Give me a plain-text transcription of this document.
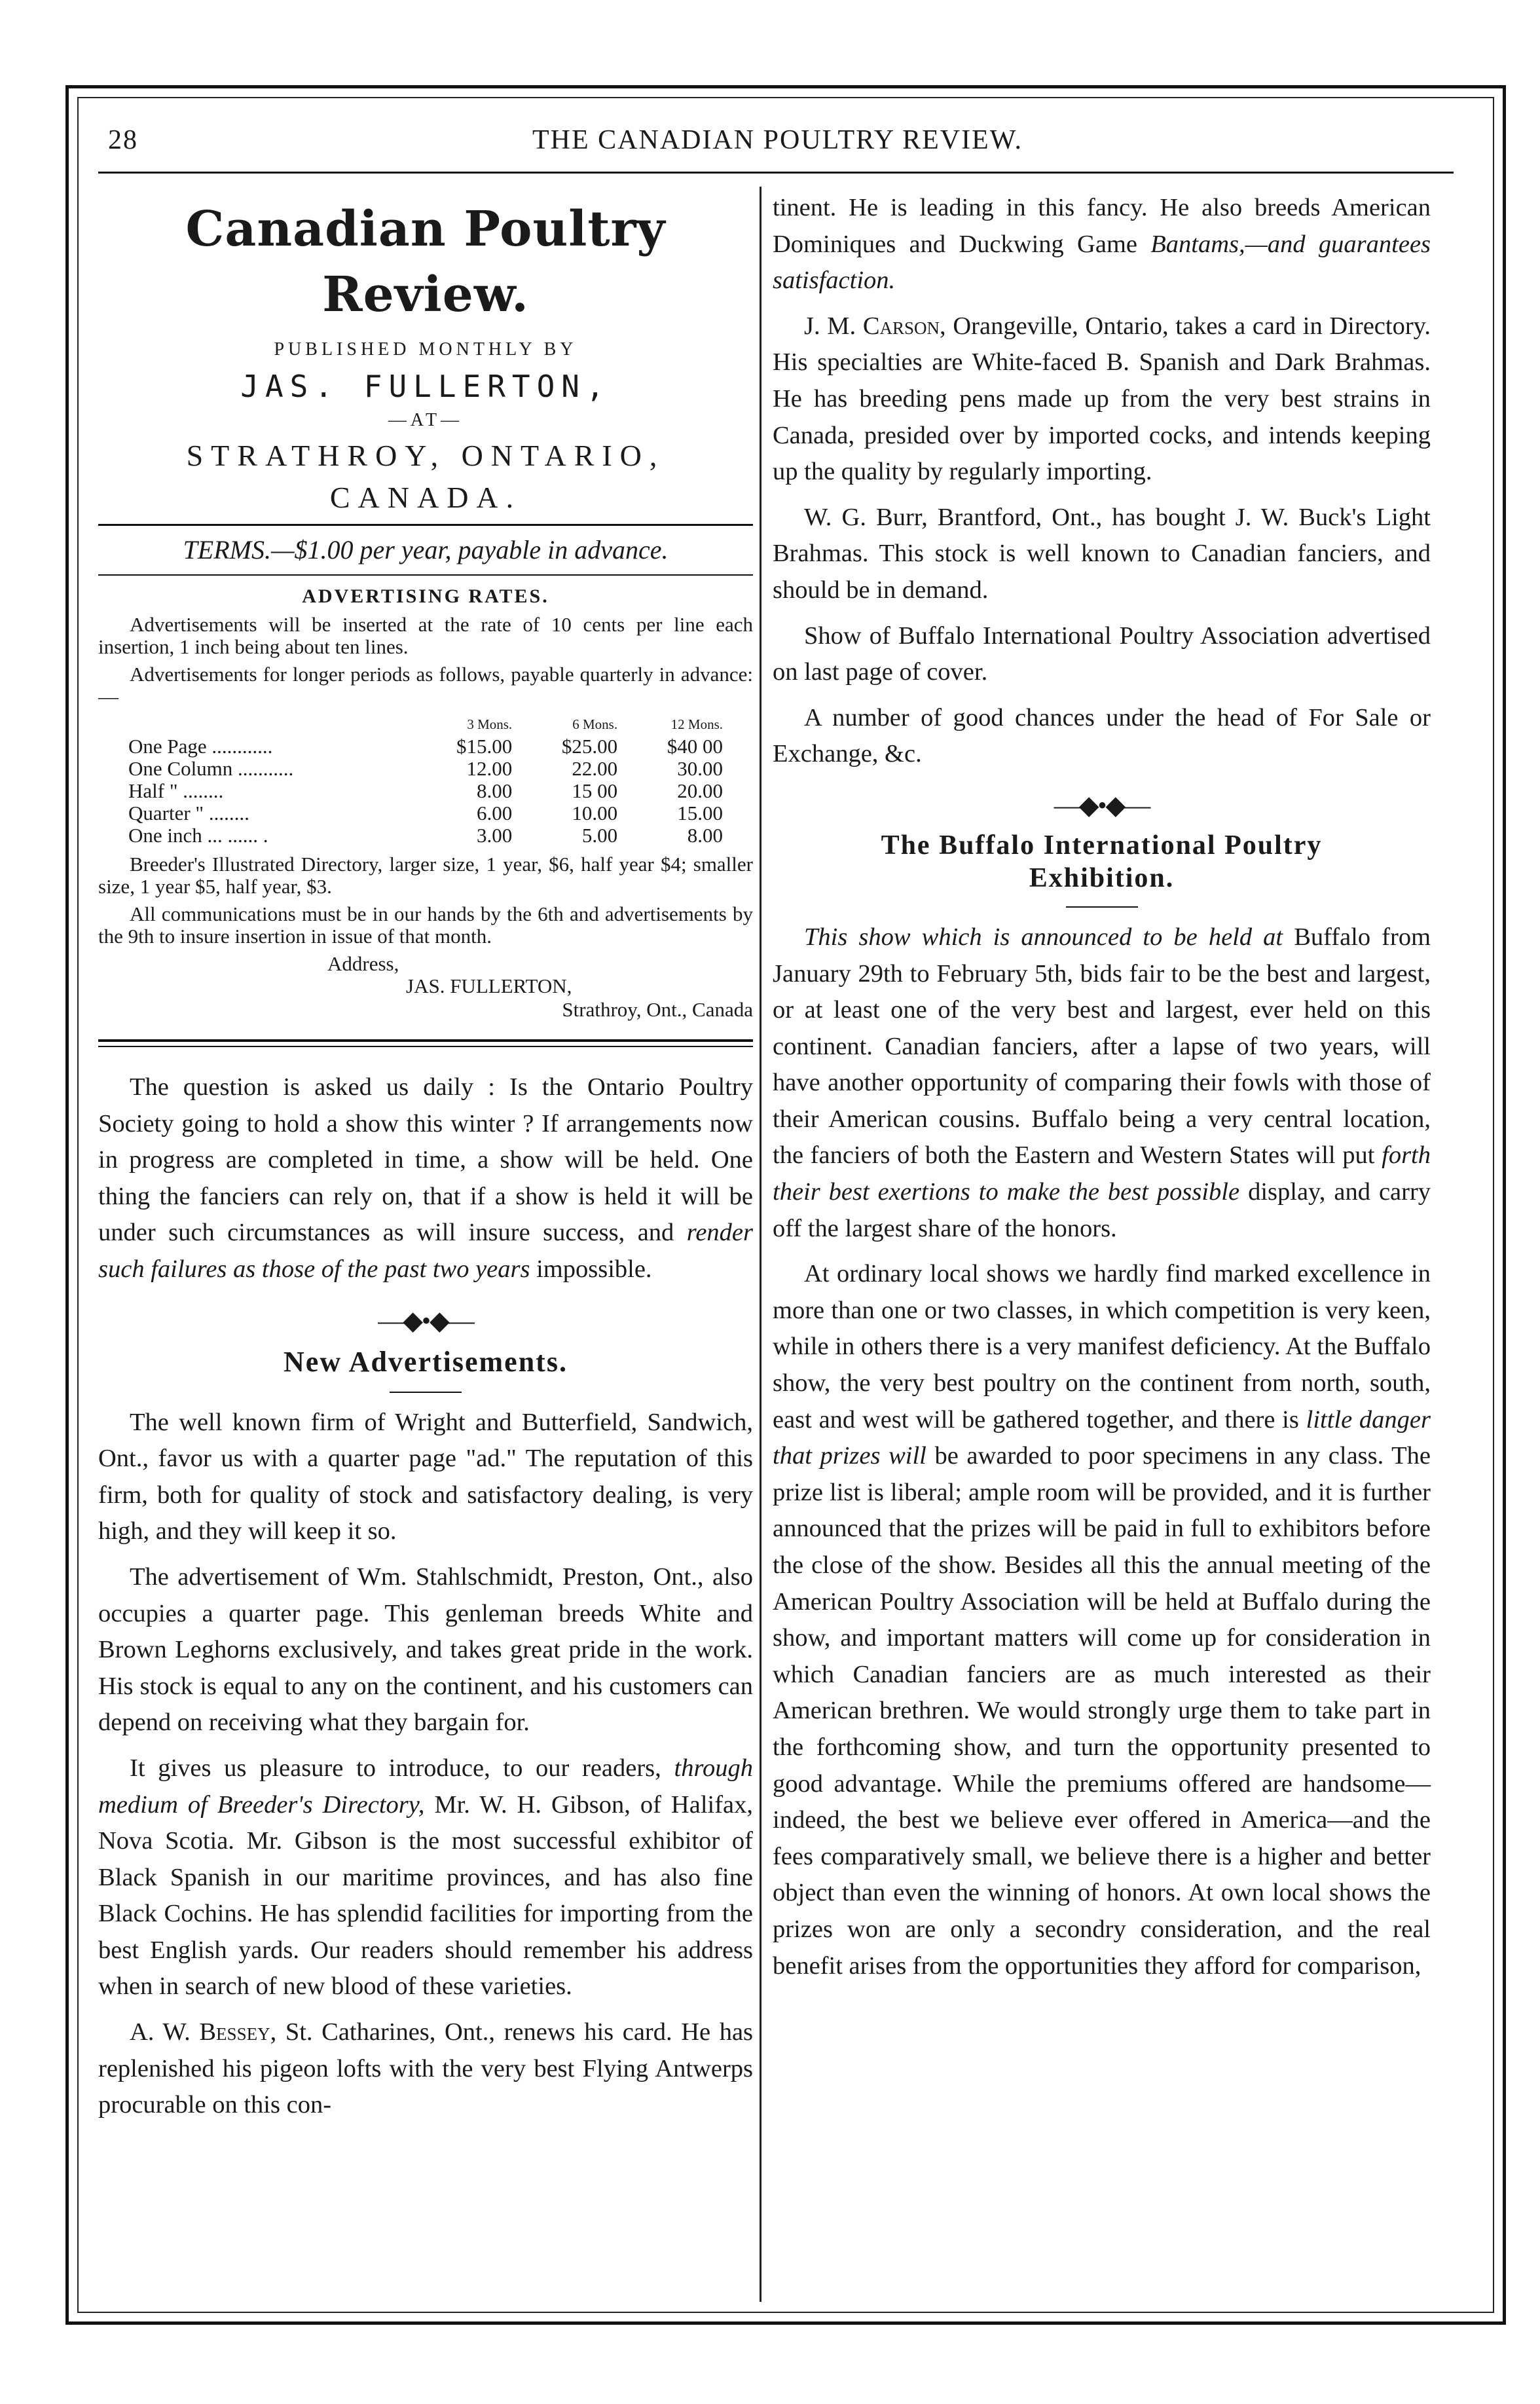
28	THE CANADIAN POULTRY REVIEW.
Canadian Poultry Review.
PUBLISHED MONTHLY BY
JAS. FULLERTON,
—AT—
STRATHROY, ONTARIO, CANADA.
TERMS.—$1.00 per year, payable in advance.
ADVERTISING RATES.
Advertisements will be inserted at the rate of 10 cents per line each insertion, 1 inch being about ten lines.
Advertisements for longer periods as follows, payable quarterly in advance:—
	3 Mons.	6 Mons.	12 Mons.
One Page ............	$15.00	$25.00	$40 00
One Column ...........	12.00	22.00	30.00
Half " ........	8.00	15 00	20.00
Quarter " ........	6.00	10.00	15.00
One inch ... ...... .	3.00	5.00	8.00
Breeder's Illustrated Directory, larger size, 1 year, $6, half year $4; smaller size, 1 year $5, half year, $3.
All communications must be in our hands by the 6th and advertisements by the 9th to insure insertion in issue of that month.
Address,
JAS. FULLERTON,
Strathroy, Ont., Canada

The question is asked us daily : Is the Ontario Poultry Society going to hold a show this winter ? If arrangements now in progress are completed in time, a show will be held. One thing the fanciers can rely on, that if a show is held it will be under such circumstances as will insure success, and render such failures as those of the past two years impossible.

—◆•◆—
New Advertisements.

The well known firm of Wright and Butterfield, Sandwich, Ont., favor us with a quarter page "ad." The reputation of this firm, both for quality of stock and satisfactory dealing, is very high, and they will keep it so.

The advertisement of Wm. Stahlschmidt, Preston, Ont., also occupies a quarter page. This genleman breeds White and Brown Leghorns exclusively, and takes great pride in the work. His stock is equal to any on the continent, and his customers can depend on receiving what they bargain for.

It gives us pleasure to introduce, to our readers, through medium of Breeder's Directory, Mr. W. H. Gibson, of Halifax, Nova Scotia. Mr. Gibson is the most successful exhibitor of Black Spanish in our maritime provinces, and has also fine Black Cochins. He has splendid facilities for importing from the best English yards. Our readers should remember his address when in search of new blood of these varieties.

A. W. Bessey, St. Catharines, Ont., renews his card. He has replenished his pigeon lofts with the very best Flying Antwerps procurable on this con-

tinent. He is leading in this fancy. He also breeds American Dominiques and Duckwing Game Bantams,—and guarantees satisfaction.

J. M. Carson, Orangeville, Ontario, takes a card in Directory. His specialties are White-faced B. Spanish and Dark Brahmas. He has breeding pens made up from the very best strains in Canada, presided over by imported cocks, and intends keeping up the quality by regularly importing.

W. G. Burr, Brantford, Ont., has bought J. W. Buck's Light Brahmas. This stock is well known to Canadian fanciers, and should be in demand.

Show of Buffalo International Poultry Association advertised on last page of cover.

A number of good chances under the head of For Sale or Exchange, &c.

—◆•◆—
The Buffalo International Poultry
Exhibition.

This show which is announced to be held at Buffalo from January 29th to February 5th, bids fair to be the best and largest, or at least one of the very best and largest, ever held on this continent. Canadian fanciers, after a lapse of two years, will have another opportunity of comparing their fowls with those of their American cousins. Buffalo being a very central location, the fanciers of both the Eastern and Western States will put forth their best exertions to make the best possible display, and carry off the largest share of the honors.

At ordinary local shows we hardly find marked excellence in more than one or two classes, in which competition is very keen, while in others there is a very manifest deficiency. At the Buffalo show, the very best poultry on the continent from north, south, east and west will be gathered together, and there is little danger that prizes will be awarded to poor specimens in any class. The prize list is liberal; ample room will be provided, and it is further announced that the prizes will be paid in full to exhibitors before the close of the show. Besides all this the annual meeting of the American Poultry Association will be held at Buffalo during the show, and important matters will come up for consideration in which Canadian fanciers are as much interested as their American brethren. We would strongly urge them to take part in the forthcoming show, and turn the opportunity presented to good advantage. While the premiums offered are handsome—indeed, the best we believe ever offered in America—and the fees comparatively small, we believe there is a higher and better object than even the winning of honors. At own local shows the prizes won are only a secondry consideration, and the real benefit arises from the opportunities they afford for comparison,
